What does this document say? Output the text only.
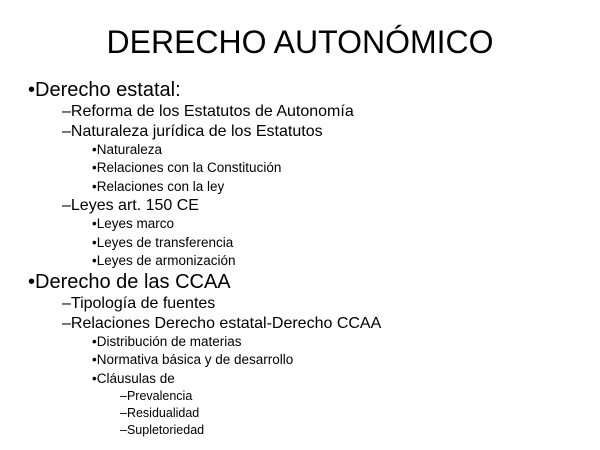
DERECHO AUTONÓMICO
•Derecho estatal:
–Reforma de los Estatutos de Autonomía
–Naturaleza jurídica de los Estatutos
•Naturaleza
•Relaciones con la Constitución
•Relaciones con la ley
–Leyes art. 150 CE
•Leyes marco
•Leyes de transferencia
•Leyes de armonización
•Derecho de las CCAA
–Tipología de fuentes
–Relaciones Derecho estatal-Derecho CCAA
•Distribución de materias
•Normativa básica y de desarrollo
•Cláusulas de
–Prevalencia
–Residualidad
–Supletoriedad
